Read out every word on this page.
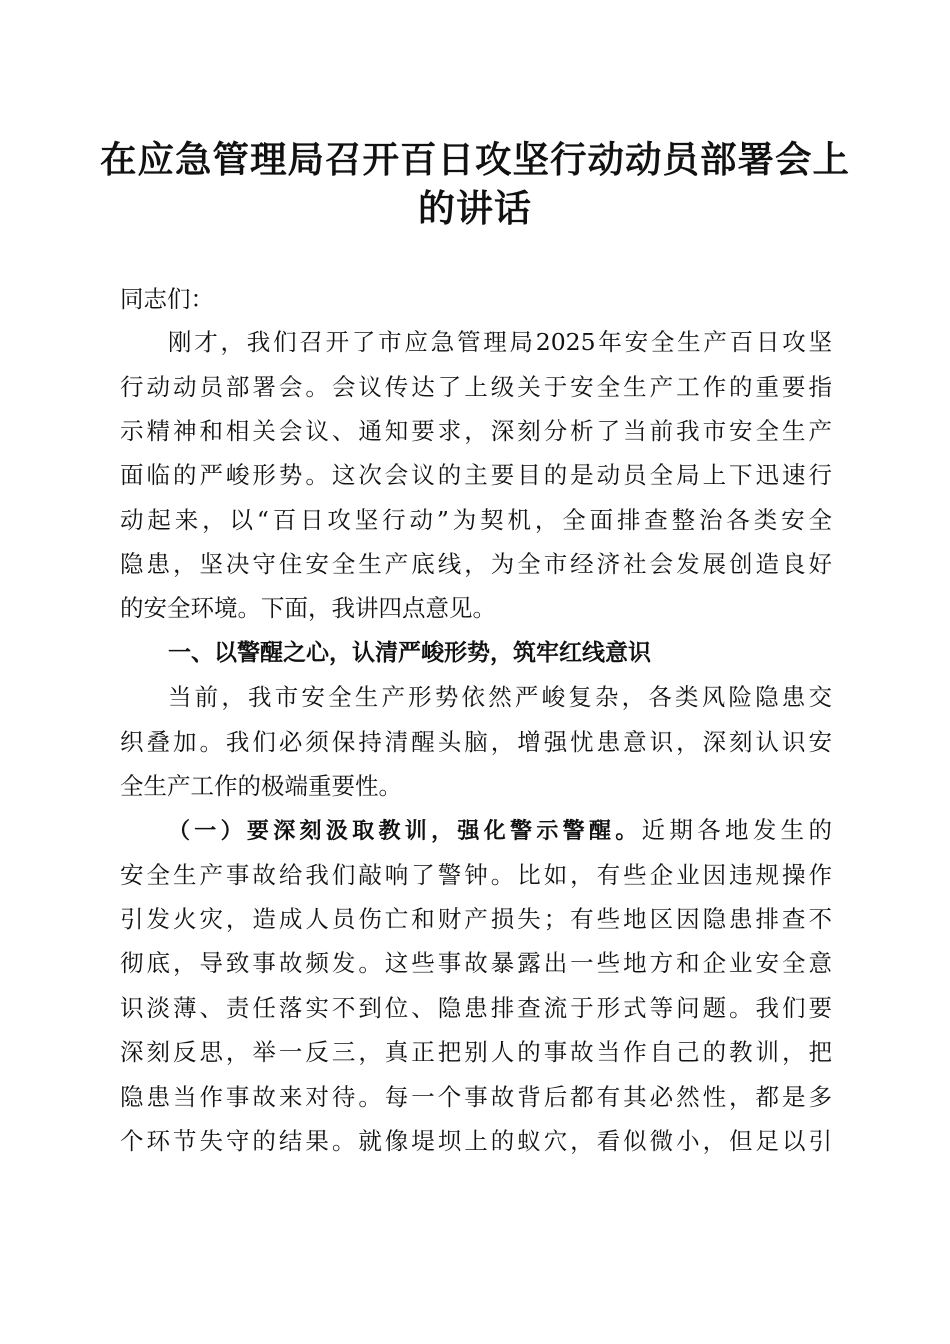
在应急管理局召开百日攻坚行动动员部署会上
的讲话
同志们：
刚才，我们召开了市应急管理局2025年安全生产百日攻坚
行动动员部署会。会议传达了上级关于安全生产工作的重要指
示精神和相关会议、通知要求，深刻分析了当前我市安全生产
面临的严峻形势。这次会议的主要目的是动员全局上下迅速行
动起来，以“百日攻坚行动”为契机，全面排查整治各类安全
隐患，坚决守住安全生产底线，为全市经济社会发展创造良好
的安全环境。下面，我讲四点意见。
一、以警醒之心，认清严峻形势，筑牢红线意识
当前，我市安全生产形势依然严峻复杂，各类风险隐患交
织叠加。我们必须保持清醒头脑，增强忧患意识，深刻认识安
全生产工作的极端重要性。
（一）要深刻汲取教训，强化警示警醒。近期各地发生的
安全生产事故给我们敲响了警钟。比如，有些企业因违规操作
引发火灾，造成人员伤亡和财产损失；有些地区因隐患排查不
彻底，导致事故频发。这些事故暴露出一些地方和企业安全意
识淡薄、责任落实不到位、隐患排查流于形式等问题。我们要
深刻反思，举一反三，真正把别人的事故当作自己的教训，把
隐患当作事故来对待。每一个事故背后都有其必然性，都是多
个环节失守的结果。就像堤坝上的蚁穴，看似微小，但足以引
